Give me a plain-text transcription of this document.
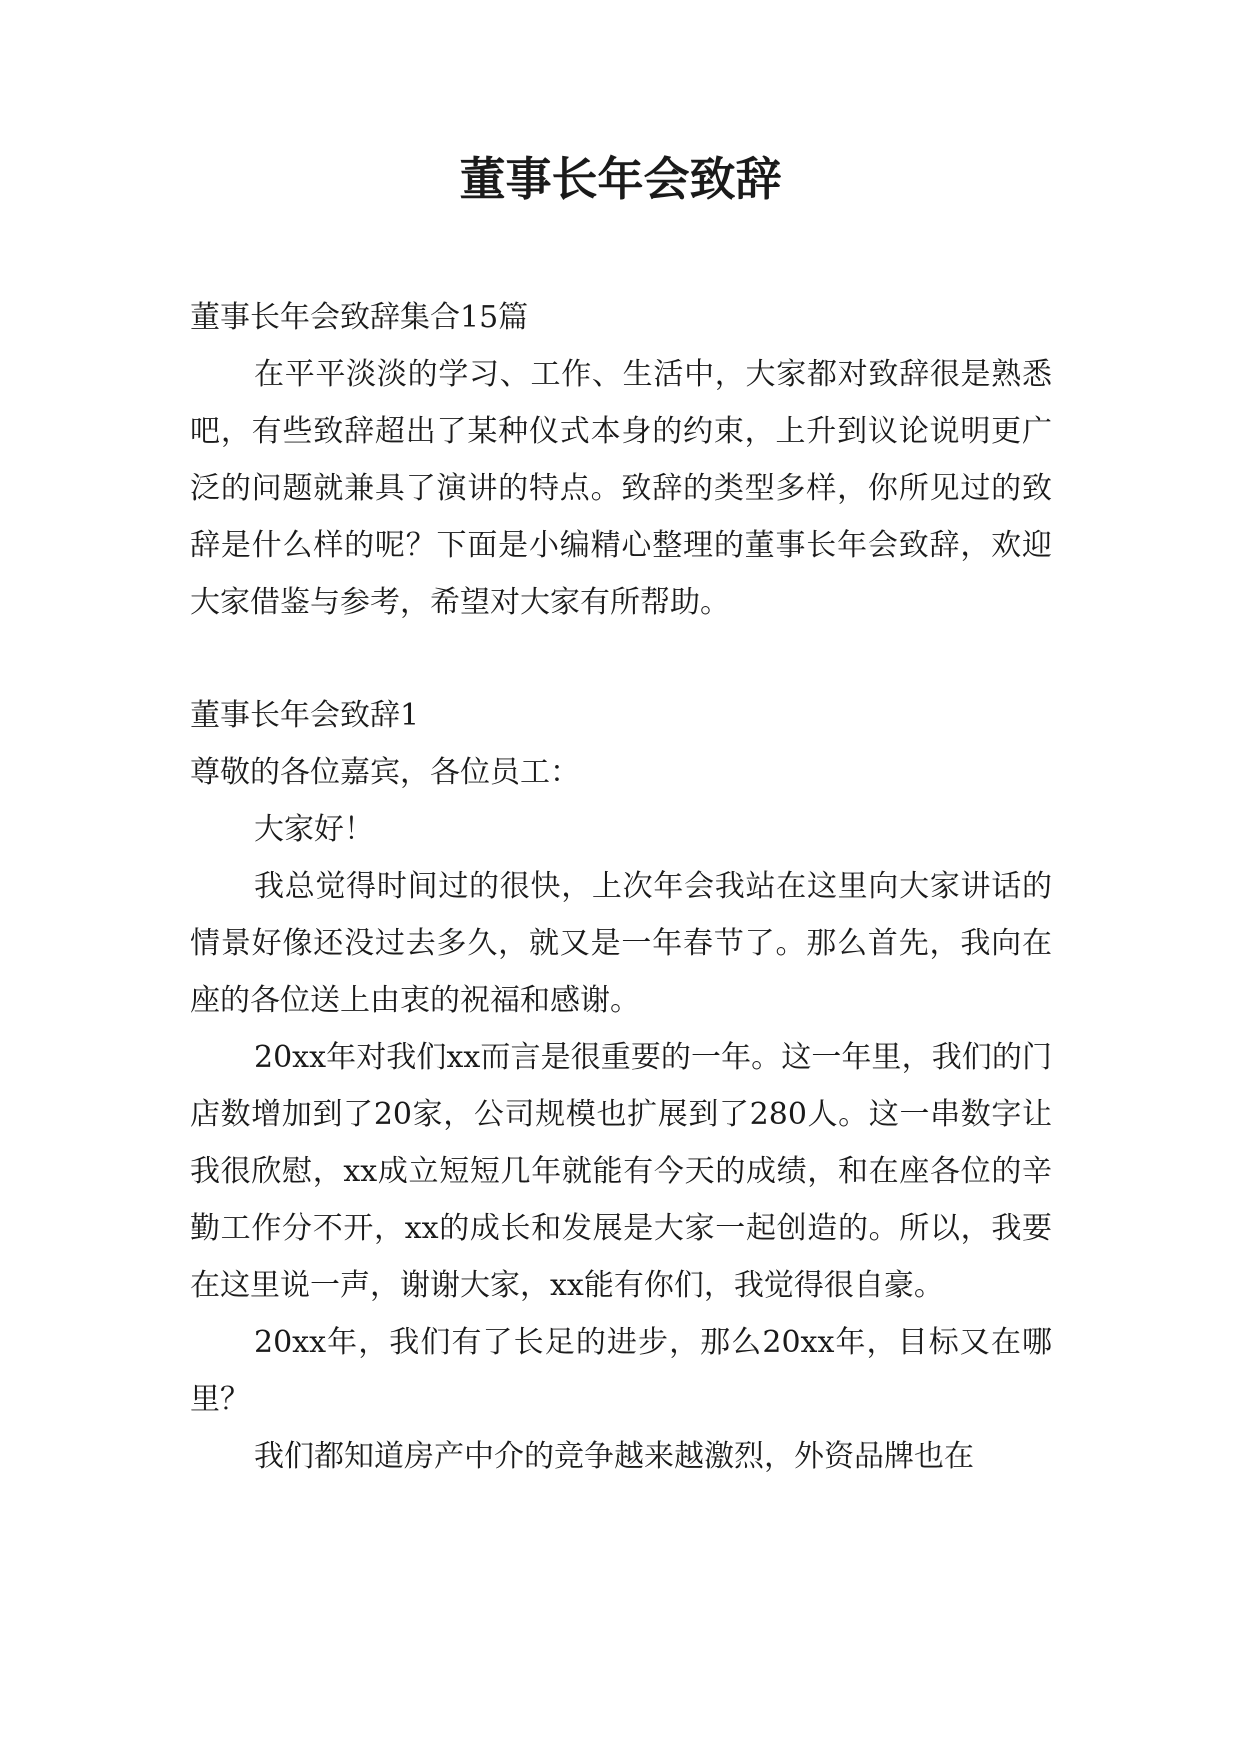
董事长年会致辞

董事长年会致辞集合15篇

在平平淡淡的学习、工作、生活中，大家都对致辞很是熟悉吧，有些致辞超出了某种仪式本身的约束，上升到议论说明更广泛的问题就兼具了演讲的特点。致辞的类型多样，你所见过的致辞是什么样的呢？下面是小编精心整理的董事长年会致辞，欢迎大家借鉴与参考，希望对大家有所帮助。

董事长年会致辞1

尊敬的各位嘉宾，各位员工：

大家好！

我总觉得时间过的很快，上次年会我站在这里向大家讲话的情景好像还没过去多久，就又是一年春节了。那么首先，我向在座的各位送上由衷的祝福和感谢。

20xx年对我们xx而言是很重要的一年。这一年里，我们的门店数增加到了20家，公司规模也扩展到了280人。这一串数字让我很欣慰，xx成立短短几年就能有今天的成绩，和在座各位的辛勤工作分不开，xx的成长和发展是大家一起创造的。所以，我要在这里说一声，谢谢大家，xx能有你们，我觉得很自豪。

20xx年，我们有了长足的进步，那么20xx年，目标又在哪里？

我们都知道房产中介的竞争越来越激烈，外资品牌也在
